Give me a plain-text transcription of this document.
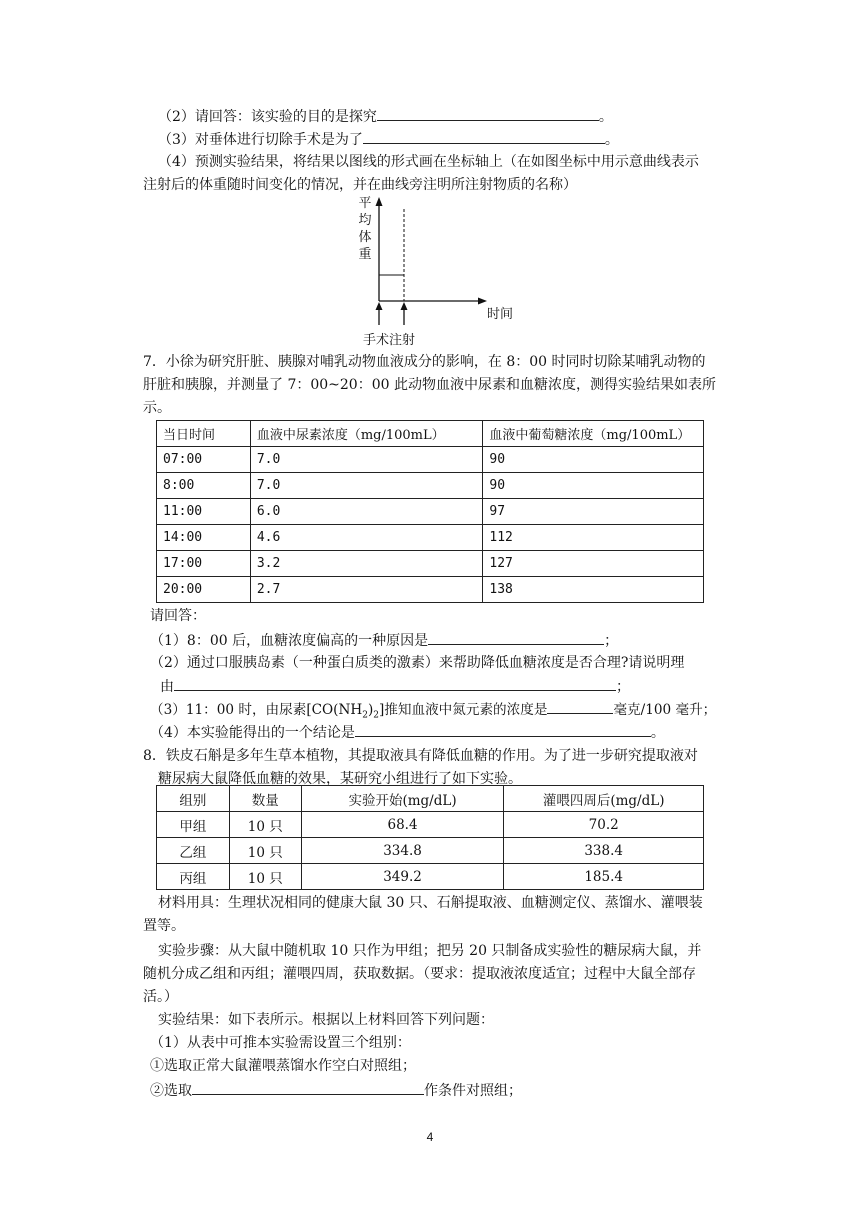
（2）请回答：该实验的目的是探究	。
（3）对垂体进行切除手术是为了	。
（4）预测实验结果，将结果以图线的形式画在坐标轴上（在如图坐标中用示意曲线表示
注射后的体重随时间变化的情况，并在曲线旁注明所注射物质的名称）
平
均
体
重
时间
手术注射
7．小徐为研究肝脏、胰腺对哺乳动物血液成分的影响，在 8：00 时同时切除某哺乳动物的
肝脏和胰腺，并测量了 7：00~20：00 此动物血液中尿素和血糖浓度，测得实验结果如表所
示。
当日时间	血液中尿素浓度（mg/100mL）	血液中葡萄糖浓度（mg/100mL）
07:00	7.0	90
8:00	7.0	90
11:00	6.0	97
14:00	4.6	112
17:00	3.2	127
20:00	2.7	138
请回答：
（1）8：00 后，血糖浓度偏高的一种原因是	；
（2）通过口服胰岛素（一种蛋白质类的激素）来帮助降低血糖浓度是否合理?请说明理
由	；
（3）11：00 时，由尿素$[CO(NH_2)_2]$推知血液中氮元素的浓度是	毫克/100 毫升；
（4）本实验能得出的一个结论是	。
8．铁皮石斛是多年生草本植物，其提取液具有降低血糖的作用。为了进一步研究提取液对
糖尿病大鼠降低血糖的效果，某研究小组进行了如下实验。
组别	数量	实验开始(mg/dL)	灌喂四周后(mg/dL)
甲组	10 只	68.4	70.2
乙组	10 只	334.8	338.4
丙组	10 只	349.2	185.4
材料用具：生理状况相同的健康大鼠 30 只、石斛提取液、血糖测定仪、蒸馏水、灌喂装
置等。
实验步骤：从大鼠中随机取 10 只作为甲组；把另 20 只制备成实验性的糖尿病大鼠，并
随机分成乙组和丙组；灌喂四周，获取数据。（要求：提取液浓度适宜；过程中大鼠全部存
活。）
实验结果：如下表所示。根据以上材料回答下列问题：
（1）从表中可推本实验需设置三个组别：
①选取正常大鼠灌喂蒸馏水作空白对照组；
②选取	作条件对照组；
4
